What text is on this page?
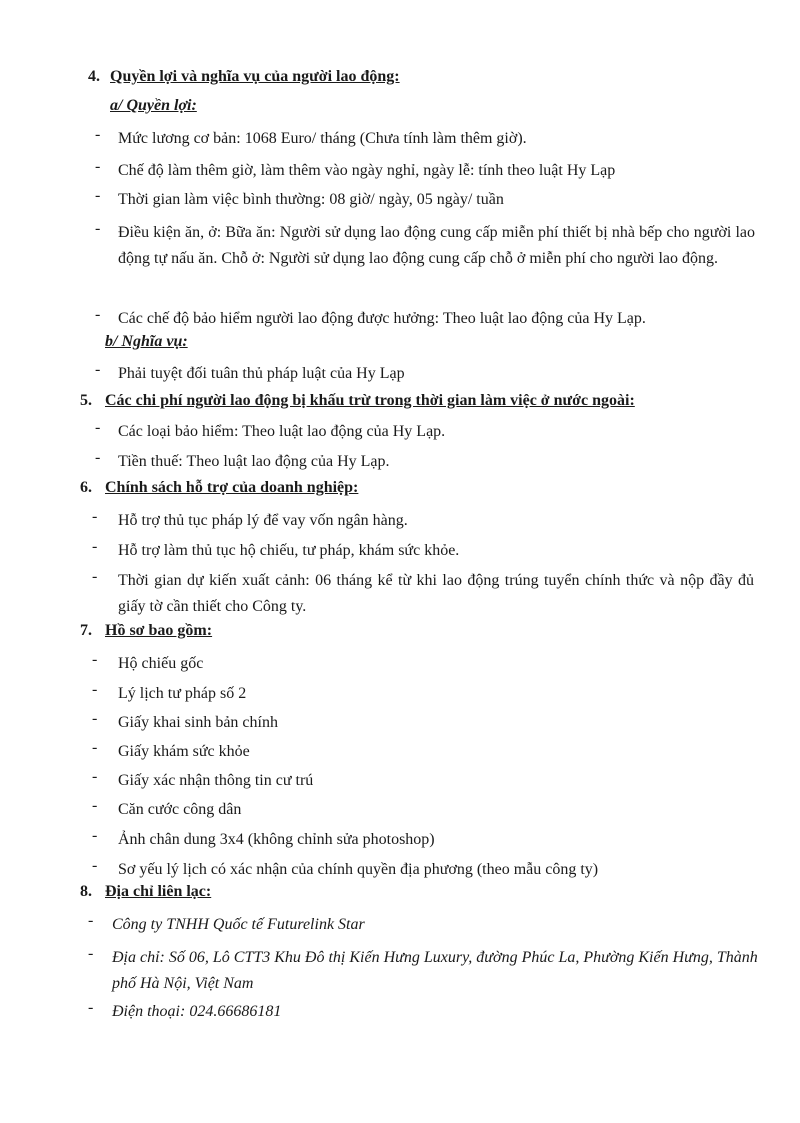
4. Quyền lợi và nghĩa vụ của người lao động:
a/ Quyền lợi:
-	Mức lương cơ bản: 1068 Euro/ tháng (Chưa tính làm thêm giờ).
-	Chế độ làm thêm giờ, làm thêm vào ngày nghỉ, ngày lễ: tính theo luật Hy Lạp
-	Thời gian làm việc bình thường: 08 giờ/ ngày, 05 ngày/ tuần
-	Điều kiện ăn, ở: Bữa ăn: Người sử dụng lao động cung cấp miễn phí thiết bị nhà bếp cho người lao động tự nấu ăn. Chỗ ở: Người sử dụng lao động cung cấp chỗ ở miễn phí cho người lao động.
-	Các chế độ bảo hiểm người lao động được hưởng: Theo luật lao động của Hy Lạp.
b/ Nghĩa vụ:
-	Phải tuyệt đối tuân thủ pháp luật của Hy Lạp
5. Các chi phí người lao động bị khấu trừ trong thời gian làm việc ở nước ngoài:
-	Các loại bảo hiểm: Theo luật lao động của Hy Lạp.
-	Tiền thuế: Theo luật lao động của Hy Lạp.
6. Chính sách hỗ trợ của doanh nghiệp:
-	Hỗ trợ thủ tục pháp lý để vay vốn ngân hàng.
-	Hỗ trợ làm thủ tục hộ chiếu, tư pháp, khám sức khỏe.
-	Thời gian dự kiến xuất cảnh: 06 tháng kể từ khi lao động trúng tuyển chính thức và nộp đầy đủ giấy tờ cần thiết cho Công ty.
7. Hồ sơ bao gồm:
-	Hộ chiếu gốc
-	Lý lịch tư pháp số 2
-	Giấy khai sinh bản chính
-	Giấy khám sức khỏe
-	Giấy xác nhận thông tin cư trú
-	Căn cước công dân
-	Ảnh chân dung 3x4 (không chỉnh sửa photoshop)
-	Sơ yếu lý lịch có xác nhận của chính quyền địa phương (theo mẫu công ty)
8. Địa chỉ liên lạc:
-	Công ty TNHH Quốc tế Futurelink Star
-	Địa chỉ: Số 06, Lô CTT3 Khu Đô thị Kiến Hưng Luxury, đường Phúc La, Phường Kiến Hưng, Thành phố Hà Nội, Việt Nam
-	Điện thoại: 024.66686181
